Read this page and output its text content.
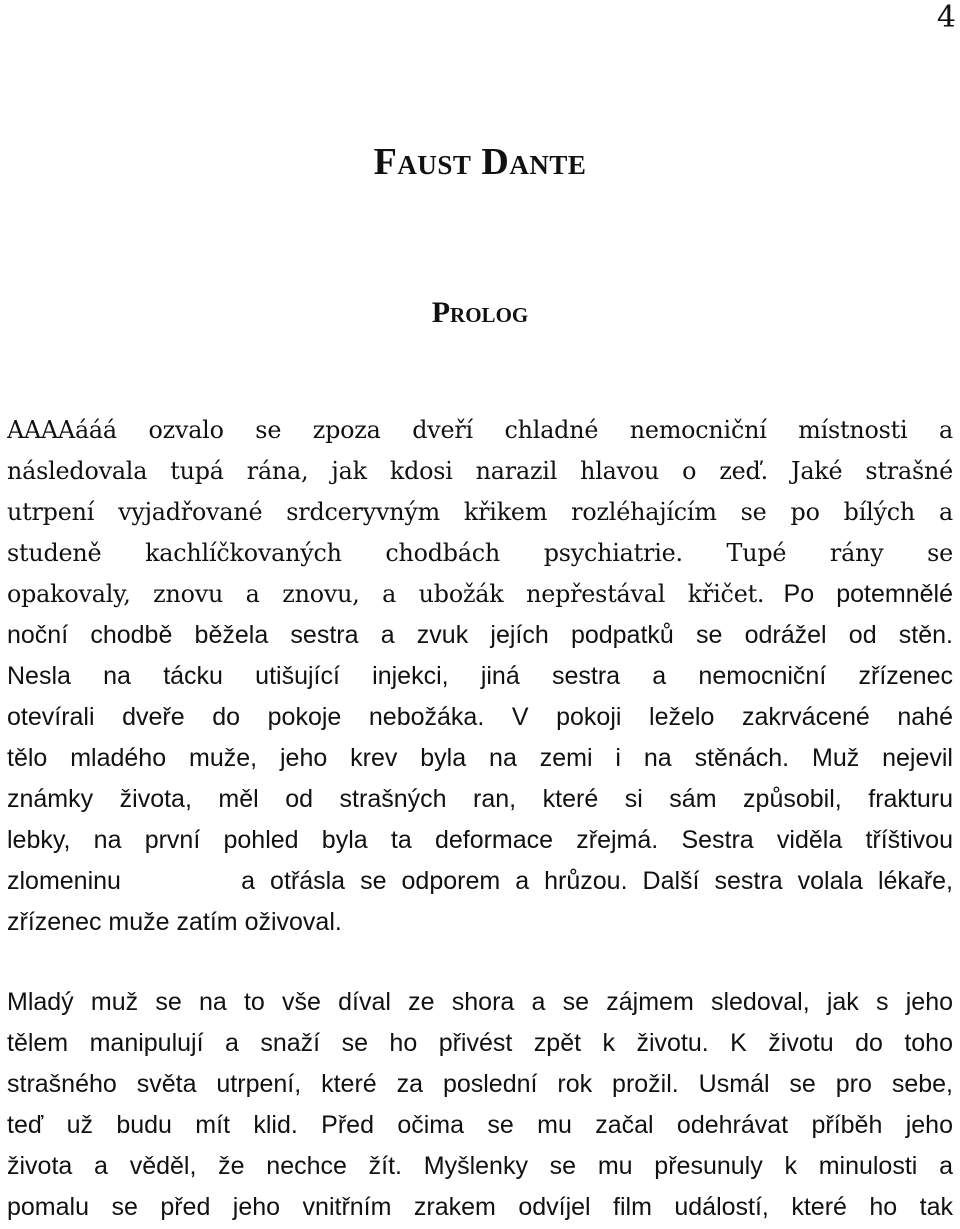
4
Faust Dante
Prolog
AAAAááá ozvalo se zpoza dveří chladné nemocniční místnosti a
následovala tupá rána, jak kdosi narazil hlavou o zeď. Jaké strašné
utrpení vyjadřované srdceryvným křikem rozléhajícím se po bílých a
studeně kachlíčkovaných chodbách psychiatrie. Tupé rány se
opakovaly, znovu a znovu, a ubožák nepřestával křičet. Po potemnělé
noční chodbě běžela sestra a zvuk jejích podpatků se odrážel od stěn.
Nesla na tácku utišující injekci, jiná sestra a nemocniční zřízenec
otevírali dveře do pokoje nebožáka. V pokoji leželo zakrvácené nahé
tělo mladého muže, jeho krev byla na zemi i na stěnách. Muž nejevil
známky života, měl od strašných ran, které si sám způsobil, frakturu
lebky, na první pohled byla ta deformace zřejmá. Sestra viděla tříštivou
zlomeninu        a otřásla se odporem a hrůzou. Další sestra volala lékaře,
zřízenec muže zatím oživoval.
Mladý muž se na to vše díval ze shora a se zájmem sledoval, jak s jeho
tělem manipulují a snaží se ho přivést zpět k životu. K životu do toho
strašného světa utrpení, které za poslední rok prožil. Usmál se pro sebe,
teď už budu mít klid. Před očima se mu začal odehrávat příběh jeho
života a věděl, že nechce žít. Myšlenky se mu přesunuly k minulosti a
pomalu se před jeho vnitřním zrakem odvíjel film událostí, které ho tak
